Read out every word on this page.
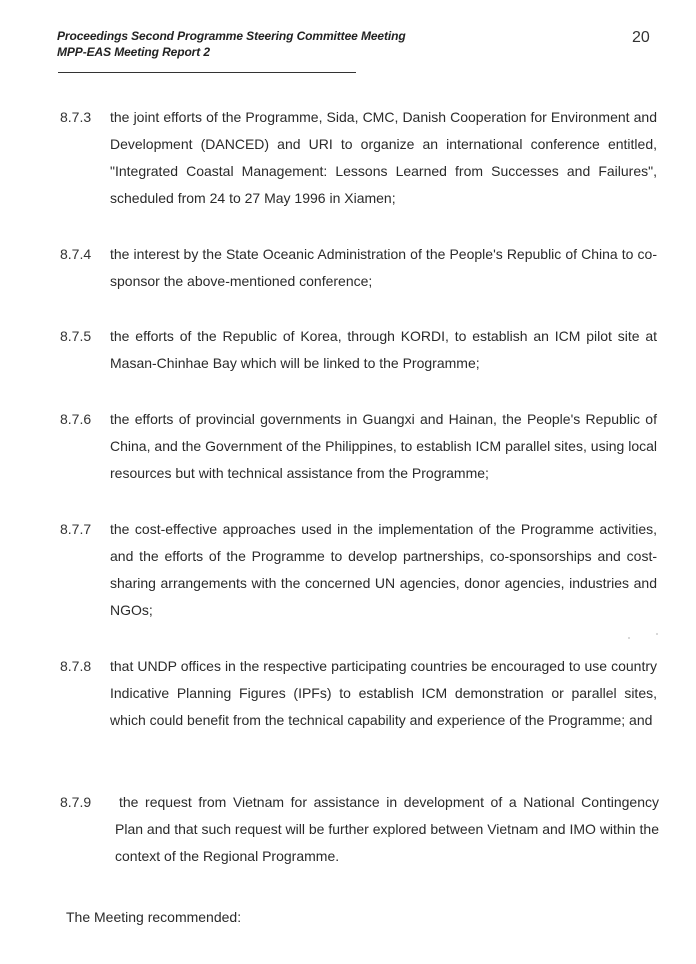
Proceedings Second Programme Steering Committee Meeting
MPP-EAS Meeting Report 2
20
8.7.3	the joint efforts of the Programme, Sida, CMC, Danish Cooperation for Environment and Development (DANCED) and URI to organize an international conference entitled, "Integrated Coastal Management: Lessons Learned from Successes and Failures", scheduled from 24 to 27 May 1996 in Xiamen;
8.7.4	the interest by the State Oceanic Administration of the People's Republic of China to co-sponsor the above-mentioned conference;
8.7.5	the efforts of the Republic of Korea, through KORDI, to establish an ICM pilot site at Masan-Chinhae Bay which will be linked to the Programme;
8.7.6	the efforts of provincial governments in Guangxi and Hainan, the People's Republic of China, and the Government of the Philippines, to establish ICM parallel sites, using local resources but with technical assistance from the Programme;
8.7.7	the cost-effective approaches used in the implementation of the Programme activities, and the efforts of the Programme to develop partnerships, co-sponsorships and cost-sharing arrangements with the concerned UN agencies, donor agencies, industries and NGOs;
8.7.8	that UNDP offices in the respective participating countries be encouraged to use country Indicative Planning Figures (IPFs) to establish ICM demonstration or parallel sites, which could benefit from the technical capability and experience of the Programme; and
8.7.9	the request from Vietnam for assistance in development of a National Contingency Plan and that such request will be further explored between Vietnam and IMO within the context of the Regional Programme.
The Meeting recommended:
